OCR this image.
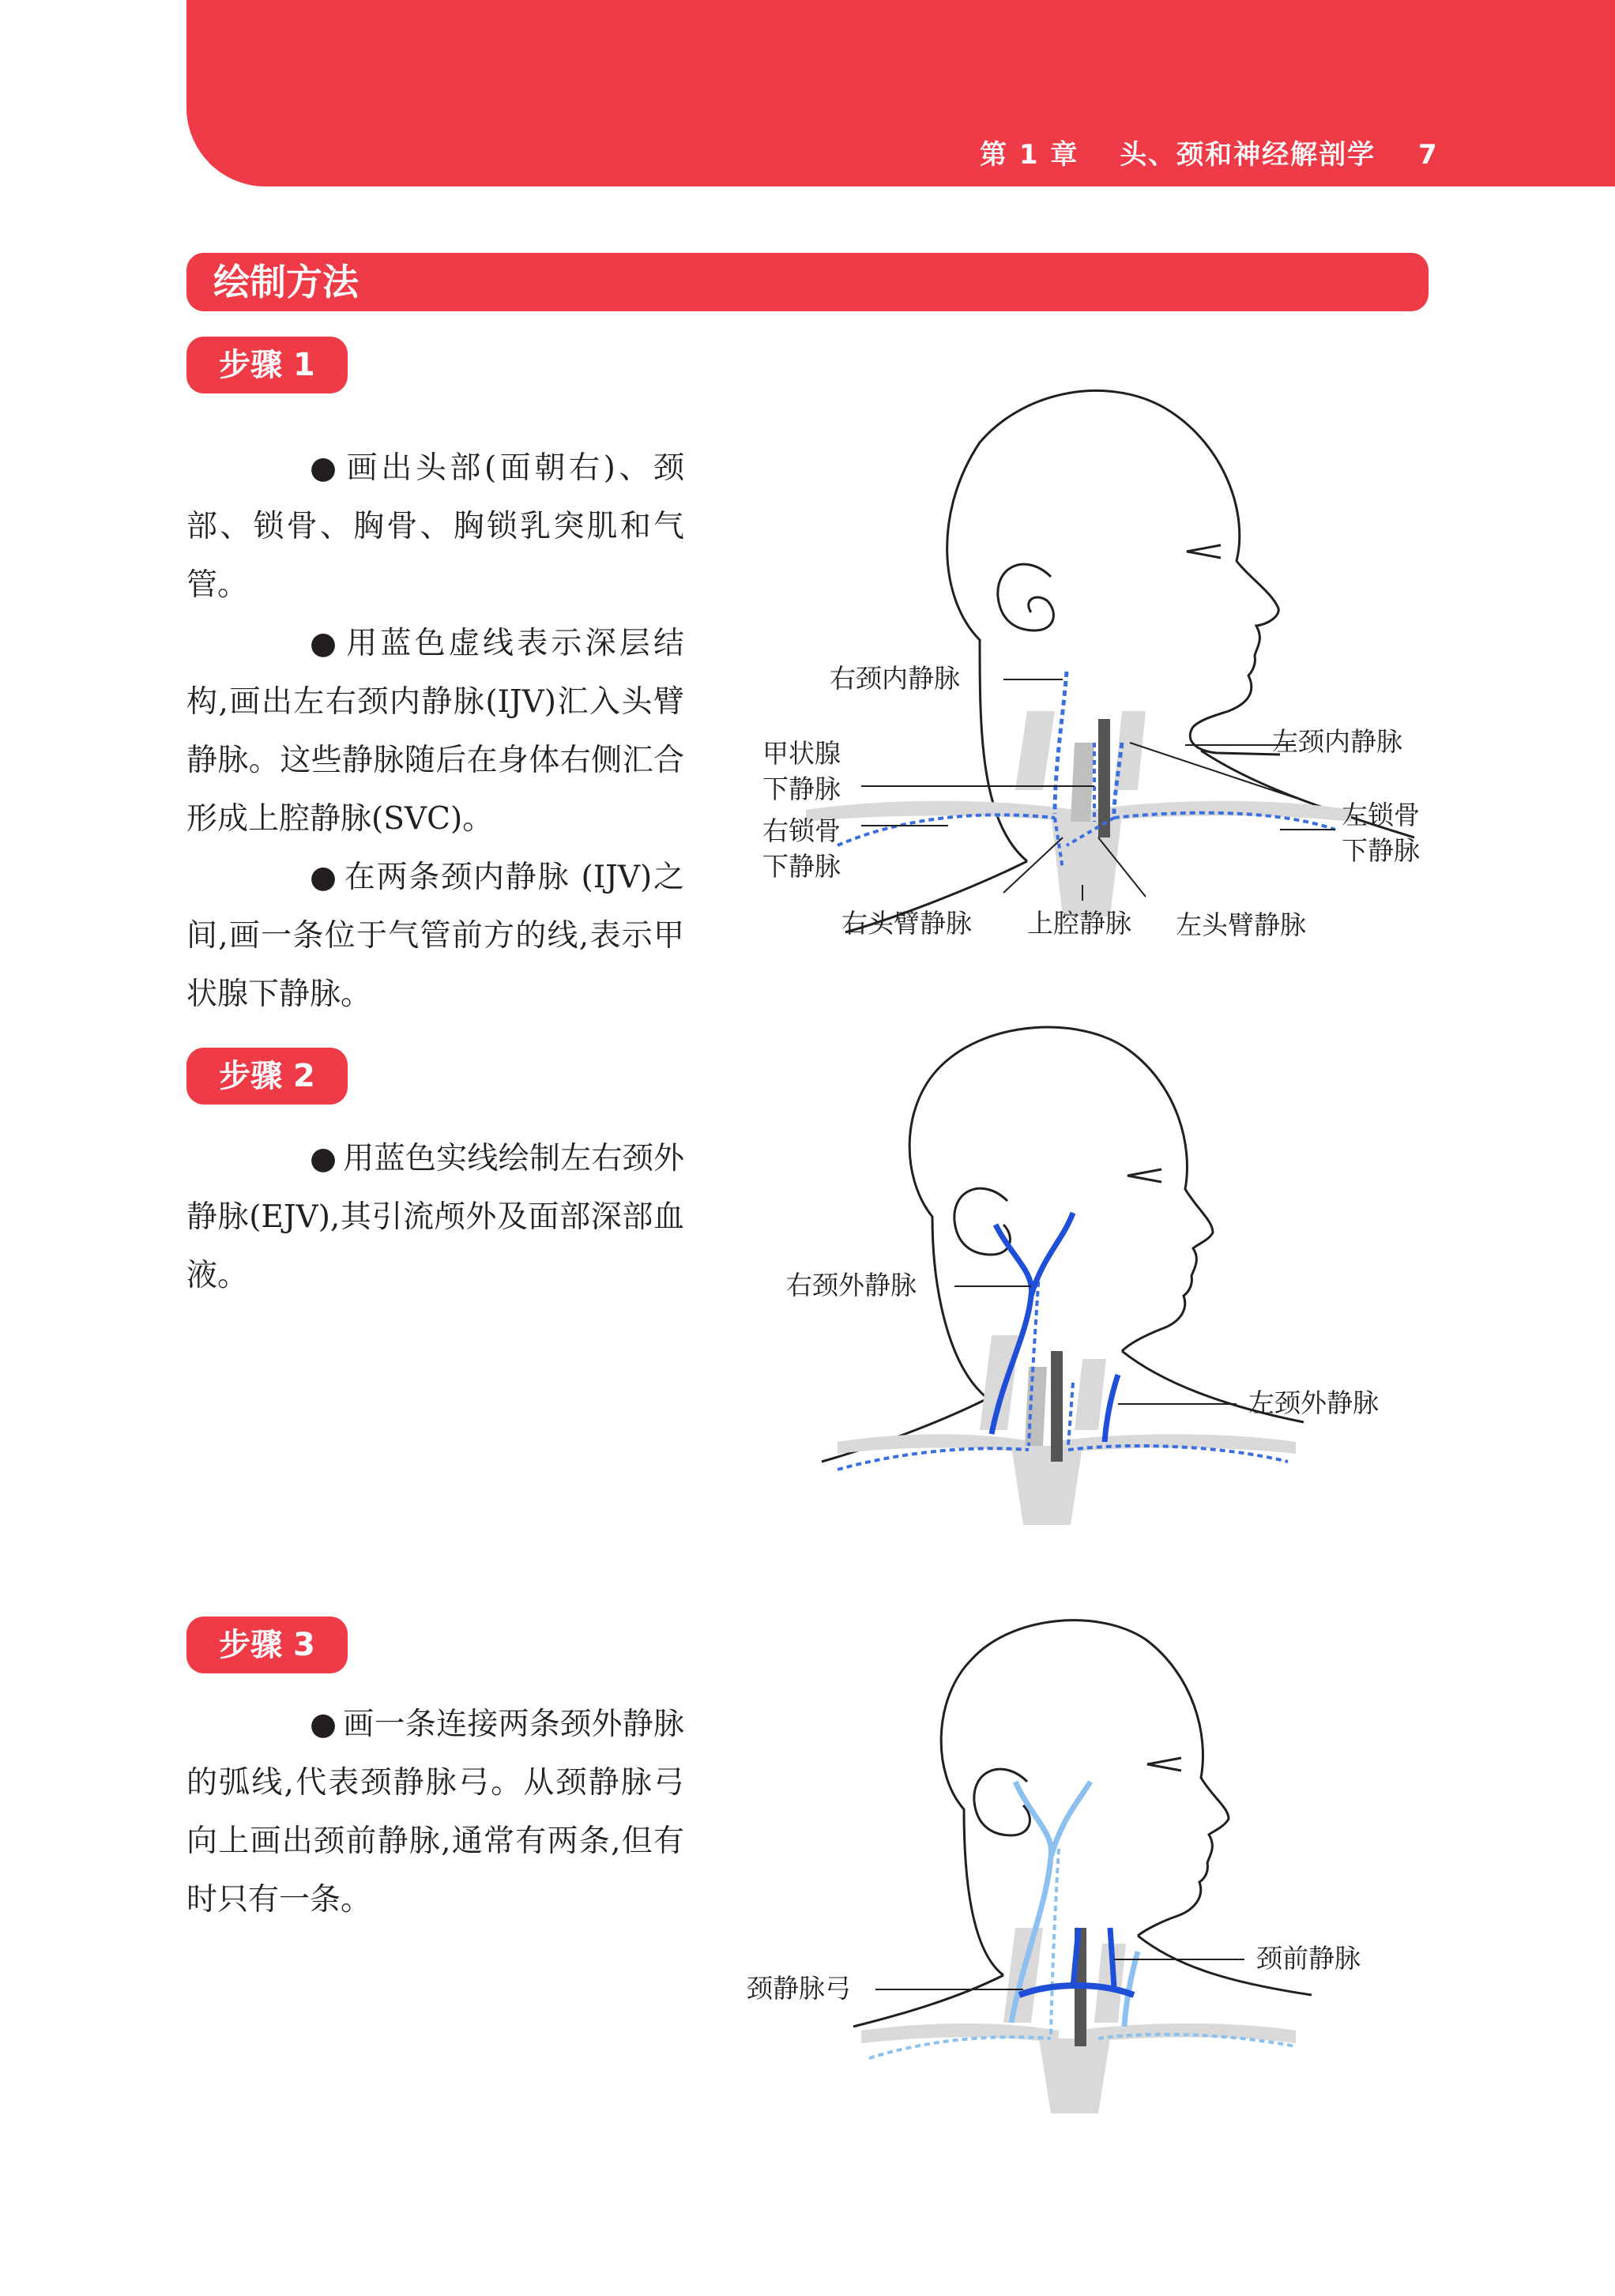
第 1 章 头、颈和神经解剖学 7
绘制方法
步骤 1

● 画出头部(面朝右)、颈部、锁骨、胸骨、胸锁乳突肌和气管。

● 用蓝色虚线表示深层结构,画出左右颈内静脉(IJV)汇入头臂静脉。这些静脉随后在身体右侧汇合形成上腔静脉(SVC)。

● 在两条颈内静脉 (IJV)之间,画一条位于气管前方的线,表示甲状腺下静脉。

右颈内静脉
左颈内静脉
甲状腺
下静脉
右锁骨
下静脉
左锁骨
下静脉
右头臂静脉 上腔静脉 左头臂静脉
步骤 2

● 用蓝色实线绘制左右颈外静脉(EJV),其引流颅外及面部深部血液。	右颈外静脉
左颈外静脉
步骤 3

● 画一条连接两条颈外静脉的弧线,代表颈静脉弓。从颈静脉弓向上画出颈前静脉,通常有两条,但有时只有一条。

颈静脉弓
颈前静脉
